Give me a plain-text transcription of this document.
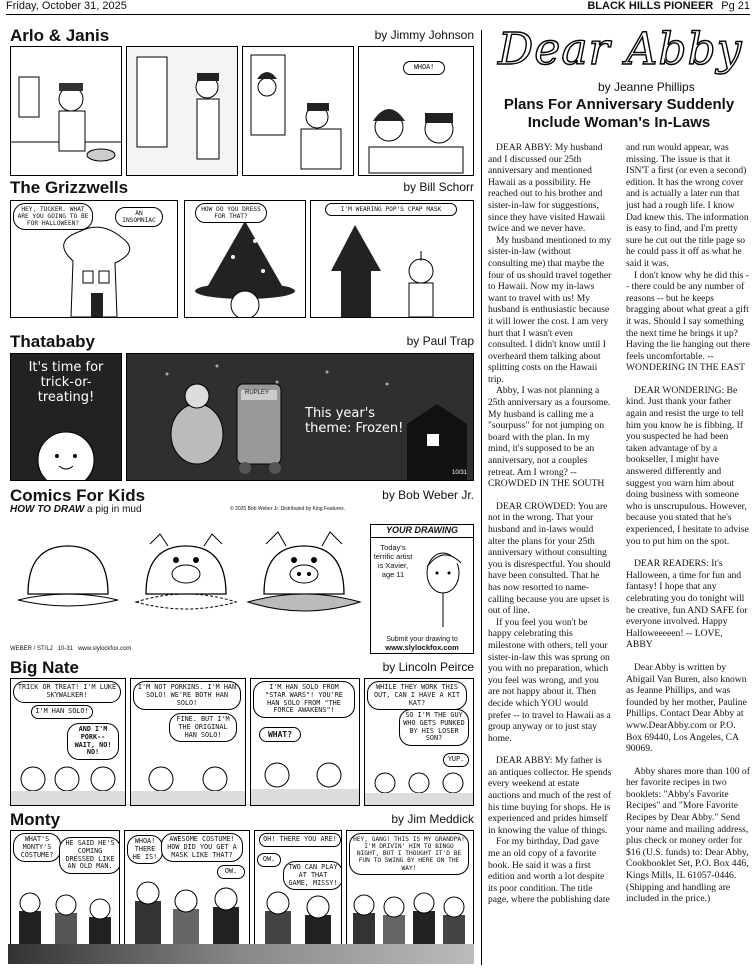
Friday, October 31, 2025	BLACK HILLS PIONEER Pg 21
Arlo & Janis	by Jimmy Johnson
WHOA!
The Grizzwells	by Bill Schorr
HEY, TUCKER. WHAT ARE YOU GOING TO BE FOR HALLOWEEN?
AN INSOMNIAC
HOW DO YOU DRESS FOR THAT?
I'M WEARING POP'S CPAP MASK
Thatababy	by Paul Trap
It's time for trick-or-treating!
This year's theme: Frozen!
RUPLEY
10/31
Comics For Kids	by Bob Weber Jr.
HOW TO DRAW a pig in mud	© 2025 Bob Weber Jr. Distributed by King Features.
YOUR DRAWING
Today's terrific artist is Xavier, age 11
Submit your drawing to
www.slylockfox.com
WEBER / ST/LJ 10-31 www.slylockfox.com
Big Nate	by Lincoln Peirce
TRICK OR TREAT! I'M LUKE SKYWALKER!
I'M HAN SOLO!
AND I'M PORK-- WAIT, NO! NO!
I'M NOT PORKINS. I'M HAN SOLO! WE'RE BOTH HAN SOLO!
FINE. BUT I'M THE ORIGINAL HAN SOLO!
I'M HAN SOLO FROM "STAR WARS"! YOU'RE HAN SOLO FROM "THE FORCE AWAKENS"!
WHAT?
WHILE THEY WORK THIS OUT, CAN I HAVE A KIT KAT?
SO I'M THE GUY WHO GETS PUNKED BY HIS LOSER SON?
YUP.
Monty	by Jim Meddick
WHAT'S MONTY'S COSTUME?
HE SAID HE'S COMING DRESSED LIKE AN OLD MAN.
WHOA! THERE HE IS!
AWESOME COSTUME! HOW DID YOU GET A MASK LIKE THAT?
OW.
OH! THERE YOU ARE!
OW.
TWO CAN PLAY AT THAT GAME, MISSY!
HEY, GANG! THIS IS MY GRANDPA! I'M DRIVIN' HIM TO BINGO NIGHT, BUT I THOUGHT IT'D BE FUN TO SWING BY HERE ON THE WAY!
Dear Abby
by Jeanne Phillips
Plans For Anniversary Suddenly Include Woman's In-Laws

DEAR ABBY: My husband and I discussed our 25th anniversary and mentioned Hawaii as a possibility. He reached out to his brother and sister-in-law for suggestions, since they have visited Hawaii twice and we never have.

My husband mentioned to my sister-in-law (without consulting me) that maybe the four of us should travel together to Hawaii. Now my in-laws want to travel with us! My husband is enthusiastic because it will lower the cost. I am very hurt that I wasn't even consulted. I didn't know until I overheard them talking about splitting costs on the Hawaii trip.

Abby, I was not planning a 25th anniversary as a foursome. My husband is calling me a "sourpuss" for not jumping on board with the plan. In my mind, it's supposed to be an anniversary, not a couples retreat. Am I wrong? -- CROWDED IN THE SOUTH

DEAR CROWDED: You are not in the wrong. That your husband and in-laws would alter the plans for your 25th anniversary without consulting you is disrespectful. You should have been consulted. That he has now resorted to name-calling because you are upset is out of line.

If you feel you won't be happy celebrating this milestone with others, tell your sister-in-law this was sprung on you with no preparation, which you feel was wrong, and you are not happy about it. Then decide which YOU would prefer -- to travel to Hawaii as a group anyway or to just stay home.

DEAR ABBY: My father is an antiques collector. He spends every weekend at estate auctions and much of the rest of his time buying for shops. He is experienced and prides himself in knowing the value of things.

For my birthday, Dad gave me an old copy of a favorite book. He said it was a first edition and worth a lot despite its poor condition. The title page, where the publishing date

and run would appear, was missing. The issue is that it ISN'T a first (or even a second) edition. It has the wrong cover and is actually a later run that just had a rough life. I know Dad knew this. The information is easy to find, and I'm pretty sure he cut out the title page so he could pass it off as what he said it was.

I don't know why he did this -- there could be any number of reasons -- but he keeps bragging about what great a gift it was. Should I say something the next time he brings it up? Having the lie hanging out there feels uncomfortable. -- WONDERING IN THE EAST

DEAR WONDERING: Be kind. Just thank your father again and resist the urge to tell him you know he is fibbing. If you suspected he had been taken advantage of by a bookseller, I might have answered differently and suggest you warn him about doing business with someone who is unscrupulous. However, because you stated that he's experienced, I hesitate to advise you to put him on the spot.

DEAR READERS: It's Halloween, a time for fun and fantasy! I hope that any celebrating you do tonight will be creative, fun AND SAFE for everyone involved. Happy Halloweeeeen! -- LOVE, ABBY

Dear Abby is written by Abigail Van Buren, also known as Jeanne Phillips, and was founded by her mother, Pauline Phillips. Contact Dear Abby at www.DearAbby.com or P.O. Box 69440, Los Angeles, CA 90069.

Abby shares more than 100 of her favorite recipes in two booklets: "Abby's Favorite Recipes" and "More Favorite Recipes by Dear Abby." Send your name and mailing address, plus check or money order for $16 (U.S. funds) to: Dear Abby, Cookbooklet Set, P.O. Box 446, Kings Mills, IL 61057-0446. (Shipping and handling are included in the price.)
